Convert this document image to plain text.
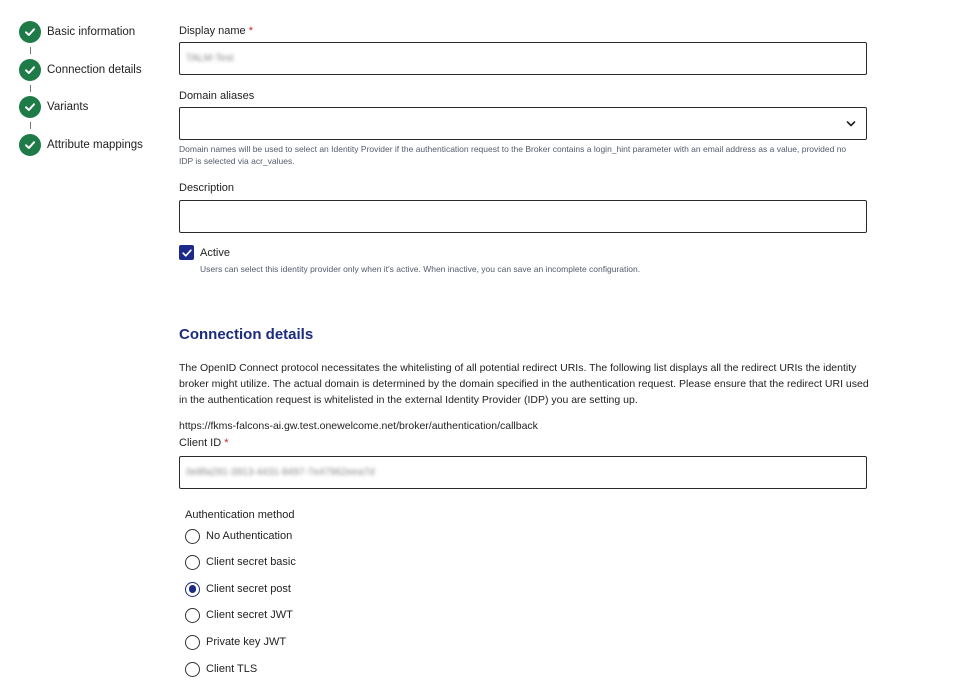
Basic information
Connection details
Variants
Attribute mappings
Display name *
TALM-Test
Domain aliases
Domain names will be used to select an Identity Provider if the authentication request to the Broker contains a login_hint parameter with an email address as a value, provided no IDP is selected via acr_values.
Description
Active
Users can select this identity provider only when it's active. When inactive, you can save an incomplete configuration.
Connection details
The OpenID Connect protocol necessitates the whitelisting of all potential redirect URIs. The following list displays all the redirect URIs the identity broker might utilize. The actual domain is determined by the domain specified in the authentication request. Please ensure that the redirect URI used in the authentication request is whitelisted in the external Identity Provider (IDP) you are setting up.
https://fkms-falcons-ai.gw.test.onewelcome.net/broker/authentication/callback
Client ID *
0e8fa291-3913-4431-8497-7e47962eea7d
Authentication method
No Authentication
Client secret basic
Client secret post
Client secret JWT
Private key JWT
Client TLS
